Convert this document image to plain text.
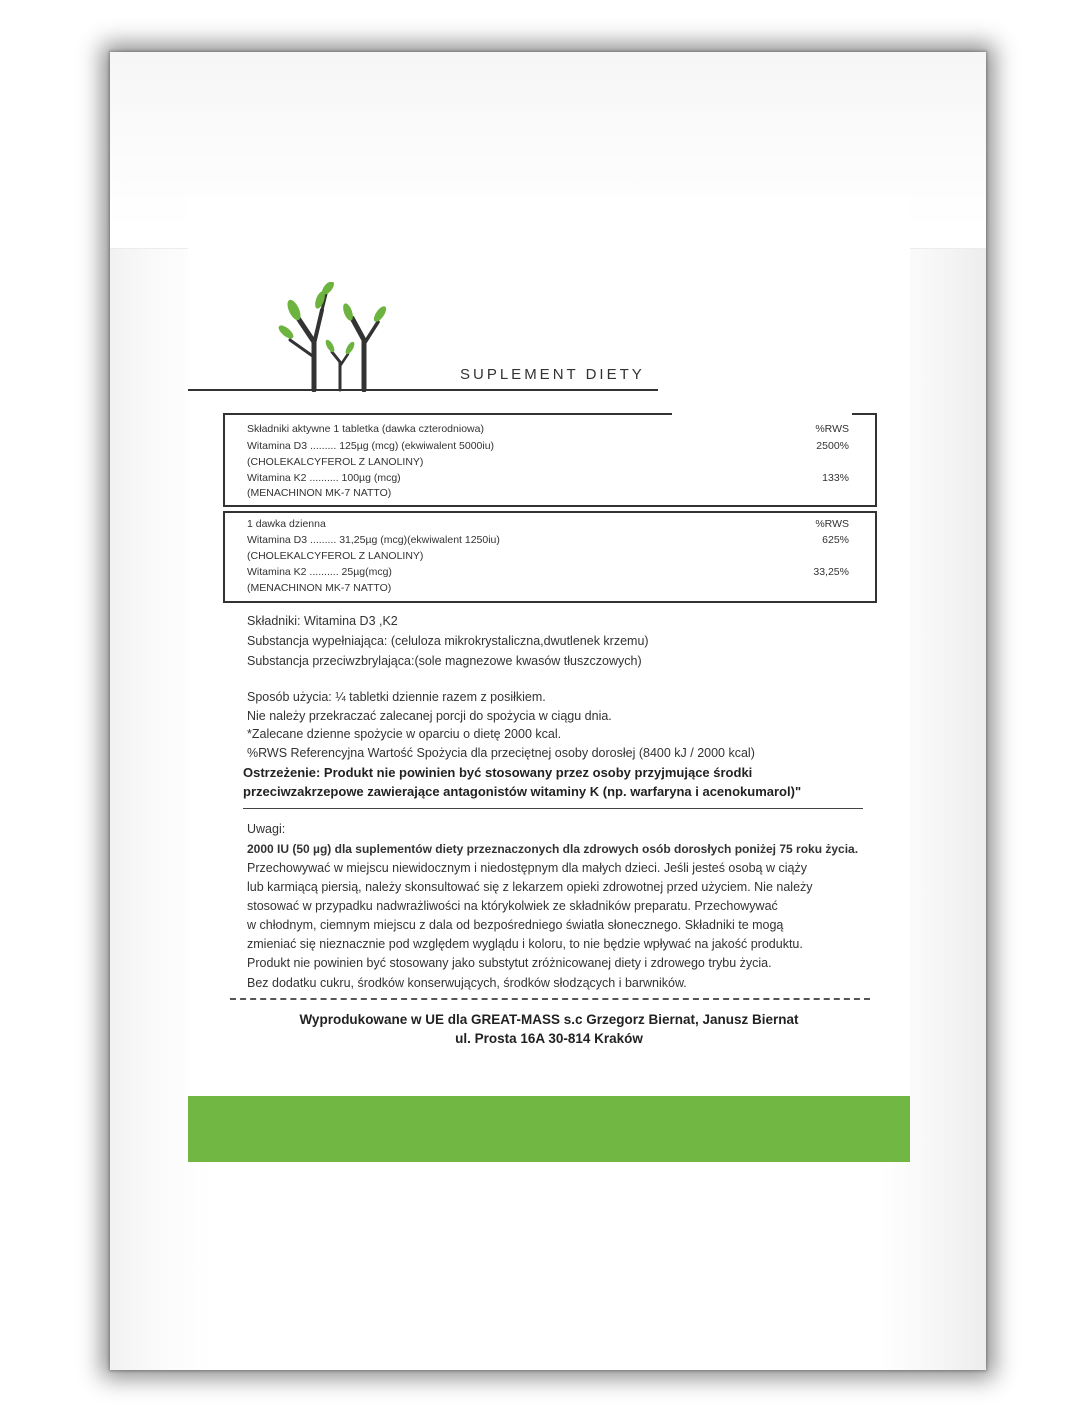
SUPLEMENT DIETY
Składniki aktywne 1 tabletka (dawka czterodniowa)	%RWS
Witamina D3 ......... 125µg (mcg) (ekwiwalent 5000iu)	2500%
(CHOLEKALCYFEROL Z LANOLINY)
Witamina K2 .......... 100µg (mcg)	133%
(MENACHINON MK-7 NATTO)
1 dawka dzienna	%RWS
Witamina D3 ......... 31,25µg (mcg)(ekwiwalent 1250iu)	625%
(CHOLEKALCYFEROL Z LANOLINY)
Witamina K2 .......... 25µg(mcg)	33,25%
(MENACHINON MK-7 NATTO)
Składniki: Witamina D3 ,K2
Substancja wypełniająca: (celuloza mikrokrystaliczna,dwutlenek krzemu)
Substancja przeciwzbrylająca:(sole magnezowe kwasów tłuszczowych)
Sposób użycia: ¼ tabletki dziennie razem z posiłkiem.
Nie należy przekraczać zalecanej porcji do spożycia w ciągu dnia.
*Zalecane dzienne spożycie w oparciu o dietę 2000 kcal.
%RWS Referencyjna Wartość Spożycia dla przeciętnej osoby dorosłej (8400 kJ / 2000 kcal)
Ostrzeżenie: Produkt nie powinien być stosowany przez osoby przyjmujące środki
przeciwzakrzepowe zawierające antagonistów witaminy K (np. warfaryna i acenokumarol)"
Uwagi:
2000 IU (50 µg) dla suplementów diety przeznaczonych dla zdrowych osób dorosłych poniżej 75 roku życia.
Przechowywać w miejscu niewidocznym i niedostępnym dla małych dzieci. Jeśli jesteś osobą w ciąży
lub karmiącą piersią, należy skonsultować się z lekarzem opieki zdrowotnej przed użyciem. Nie należy
stosować w przypadku nadwrażliwości na którykolwiek ze składników preparatu. Przechowywać
w chłodnym, ciemnym miejscu z dala od bezpośredniego światła słonecznego. Składniki te mogą
zmieniać się nieznacznie pod względem wyglądu i koloru, to nie będzie wpływać na jakość produktu.
Produkt nie powinien być stosowany jako substytut zróżnicowanej diety i zdrowego trybu życia.
Bez dodatku cukru, środków konserwujących, środków słodzących i barwników.
Wyprodukowane w UE dla GREAT-MASS s.c Grzegorz Biernat, Janusz Biernat
ul. Prosta 16A 30-814 Kraków
